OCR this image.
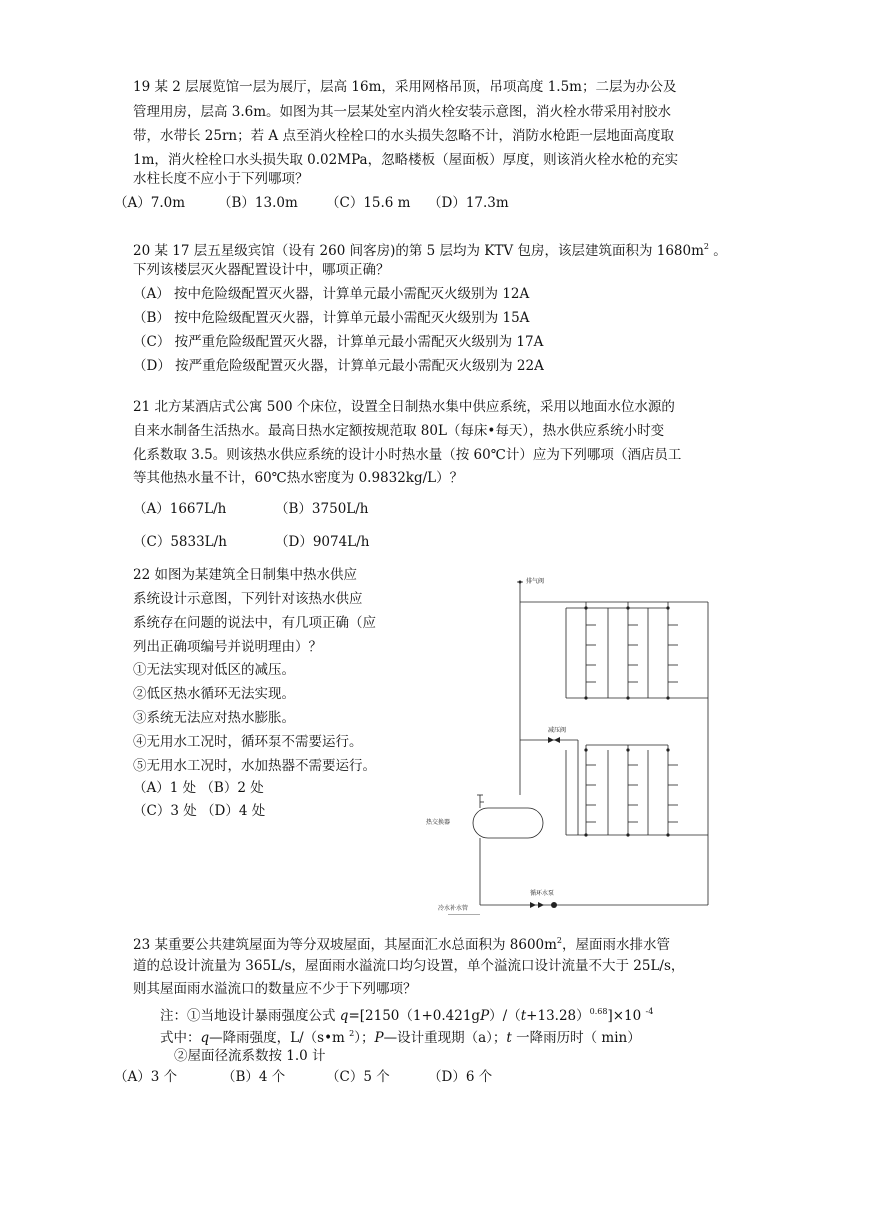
19 某 2 层展览馆一层为展厅，层高 16m，采用网格吊顶，吊项高度 1.5m；二层为办公及
管理用房，层高 3.6m。如图为其一层某处室内消火栓安装示意图，消火栓水带采用衬胶水
带，水带长 25rn；若 A 点至消火栓栓口的水头损失忽略不计，消防水枪距一层地面高度取
1m，消火栓栓口水头损失取 0.02MPa，忽略楼板（屋面板）厚度，则该消火栓水枪的充实
水柱长度不应小于下列哪项？
（A）7.0m （B）13.0m （C）15.6 m （D）17.3m
20 某 17 层五星级宾馆（设有 260 间客房)的第 5 层均为 KTV 包房，该层建筑面积为 $1680m^2$ 。
下列该楼层灭火器配置设计中，哪项正确？
（A） 按中危险级配置灭火器，计算单元最小需配灭火级别为 12A
（B） 按中危险级配置灭火器，计算单元最小需配灭火级别为 15A
（C） 按严重危险级配置灭火器，计算单元最小需配灭火级别为 17A
（D） 按严重危险级配置灭火器，计算单元最小需配灭火级别为 22A
21 北方某酒店式公寓 500 个床位，设置全日制热水集中供应系统，采用以地面水位水源的
自来水制备生活热水。最高日热水定额按规范取 80L（每床•每天），热水供应系统小时变
化系数取 3.5。则该热水供应系统的设计小时热水量（按 60℃计）应为下列哪项（酒店员工
等其他热水量不计，60℃热水密度为 0.9832kg/L）？
（A）1667L/h	（B）3750L/h
（C）5833L/h	（D）9074L/h
22 如图为某建筑全日制集中热水供应
系统设计示意图，下列针对该热水供应
系统存在问题的说法中，有几项正确（应
列出正确项编号并说明理由）？
①无法实现对低区的减压。
②低区热水循环无法实现。
③系统无法应对热水膨胀。
④无用水工况时，循环泵不需要运行。
⑤无用水工况时，水加热器不需要运行。
（A）1 处 （B）2 处
（C）3 处 （D）4 处
排气阀
减压阀
热交换器
循环水泵
冷水补水管
23 某重要公共建筑屋面为等分双坡屋面，其屋面汇水总面积为 $8600m^2$，屋面雨水排水管
道的总设计流量为 365L/s，屋面雨水溢流口均匀设置，单个溢流口设计流量不大于 25L/s，
则其屋面雨水溢流口的数量应不少于下列哪项？
注：①当地设计暴雨强度公式 $q=[2150(1+0.421gP)/(t+13.28)^{0.68}]\times 10$ $^{-4}$
式中：q—降雨强度，L/（s•m $^2$）；P—设计重现期（a）；t 一降雨历时（ min）
②屋面径流系数按 1.0 计
（A）3 个	（B）4 个	（C）5 个	（D）6 个
